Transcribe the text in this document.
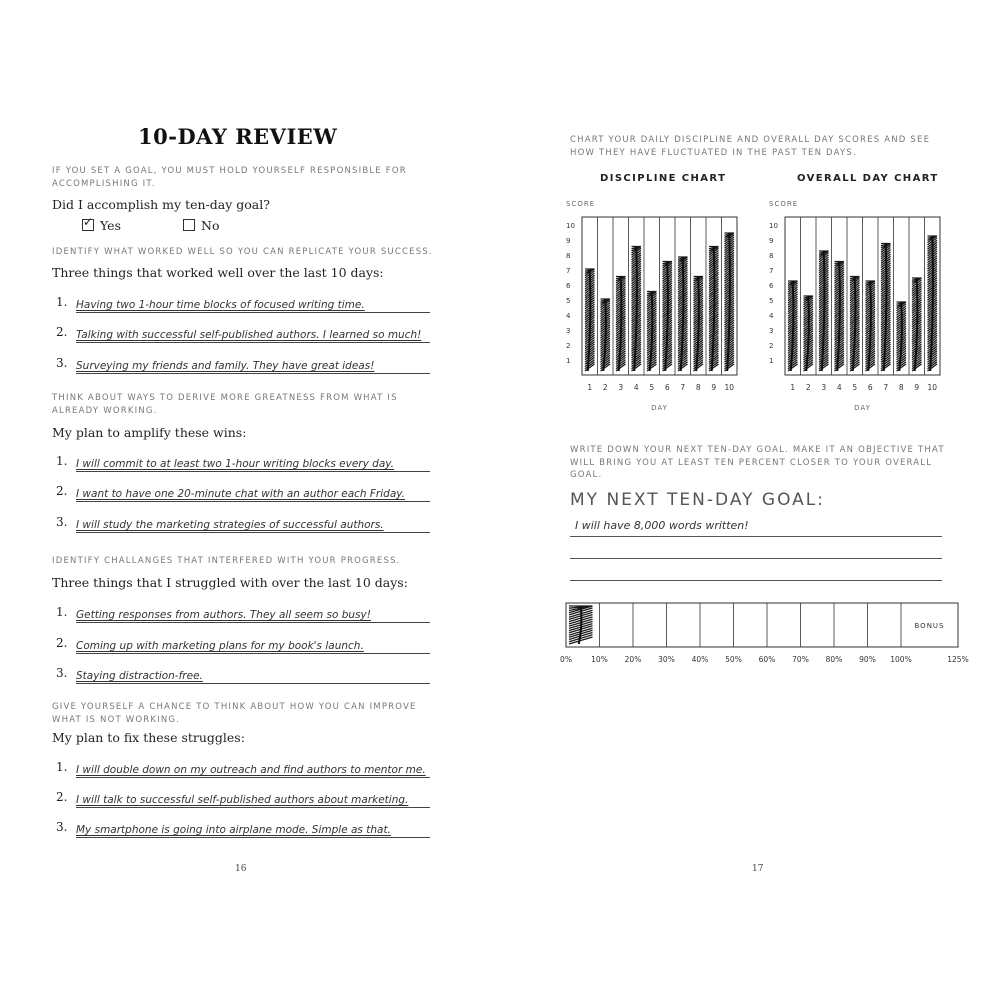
10-DAY REVIEW
IF YOU SET A GOAL, YOU MUST HOLD YOURSELF RESPONSIBLE FOR ACCOMPLISHING IT.
Did I accomplish my ten-day goal?
✓Yes	No
IDENTIFY WHAT WORKED WELL SO YOU CAN REPLICATE YOUR SUCCESS.
Three things that worked well over the last 10 days:
1. Having two 1-hour time blocks of focused writing time.
2. Talking with successful self-published authors. I learned so much!
3. Surveying my friends and family. They have great ideas!
THINK ABOUT WAYS TO DERIVE MORE GREATNESS FROM WHAT IS ALREADY WORKING.
My plan to amplify these wins:
1. I will commit to at least two 1-hour writing blocks every day.
2. I want to have one 20-minute chat with an author each Friday.
3. I will study the marketing strategies of successful authors.
IDENTIFY CHALLANGES THAT INTERFERED WITH YOUR PROGRESS.
Three things that I struggled with over the last 10 days:
1. Getting responses from authors. They all seem so busy!
2. Coming up with marketing plans for my book's launch.
3. Staying distraction-free.
GIVE YOURSELF A CHANCE TO THINK ABOUT HOW YOU CAN IMPROVE WHAT IS NOT WORKING.
My plan to fix these struggles:
1. I will double down on my outreach and find authors to mentor me.
2. I will talk to successful self-published authors about marketing.
3. My smartphone is going into airplane mode. Simple as that.
16
CHART YOUR DAILY DISCIPLINE AND OVERALL DAY SCORES AND SEE HOW THEY HAVE FLUCTUATED IN THE PAST TEN DAYS.
DISCIPLINE CHART	OVERALL DAY CHART
SCORE
1
2
3
4
5
6
7
8
9
10
1 2 3 4 5 6 7 8 9 10
DAY
SCORE
1
2
3
4
5
6
7
8
9
10
1 2 3 4 5 6 7 8 9 10
DAY
WRITE DOWN YOUR NEXT TEN-DAY GOAL. MAKE IT AN OBJECTIVE THAT WILL BRING YOU AT LEAST TEN PERCENT CLOSER TO YOUR OVERALL GOAL.
MY NEXT TEN-DAY GOAL:
I will have 8,000 words written!
BONUS
0%	10% 20% 30% 40% 50% 60% 70% 80% 90% 100%	125%
17
